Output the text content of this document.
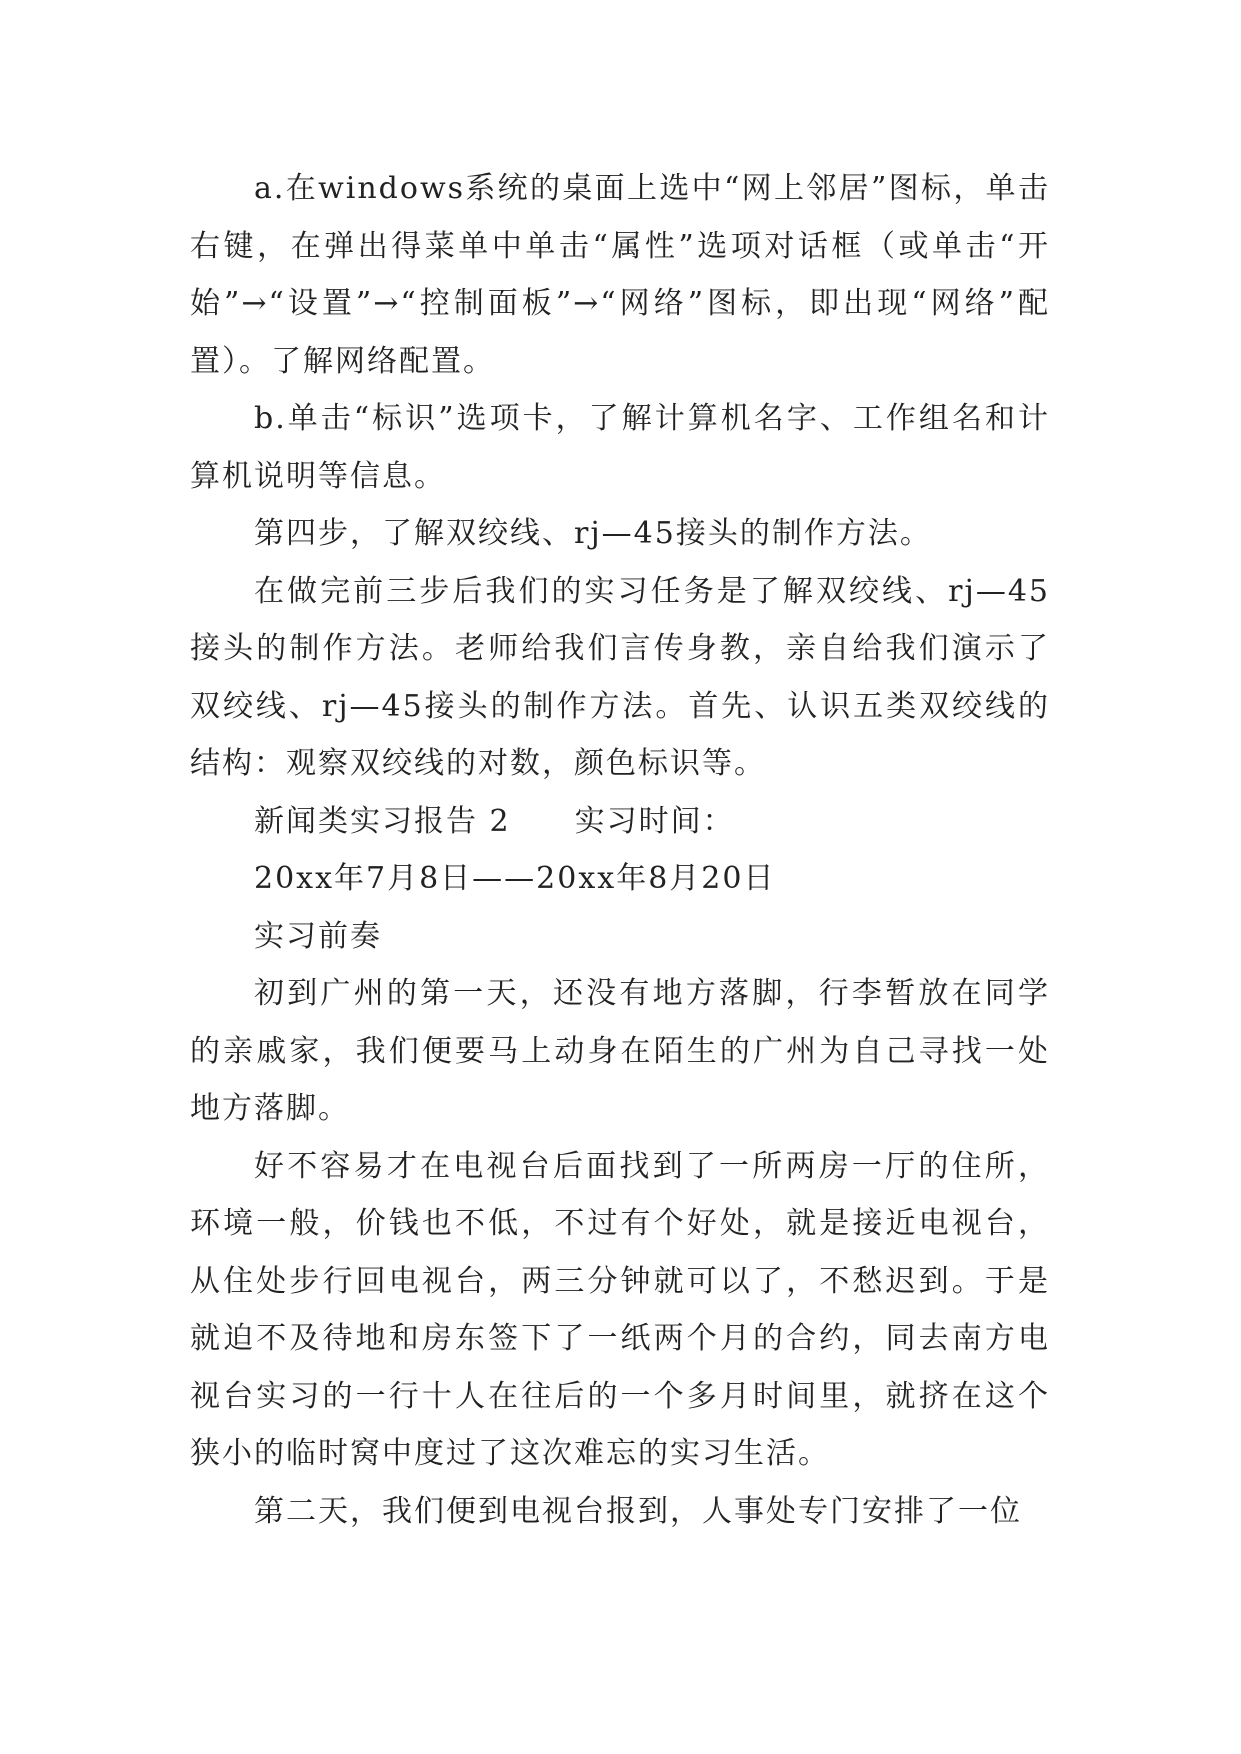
a.在windows系统的桌面上选中“网上邻居”图标，单击右键，在弹出得菜单中单击“属性”选项对话框（或单击“开始”→“设置”→“控制面板”→“网络”图标，即出现“网络”配置）。了解网络配置。

b.单击“标识”选项卡，了解计算机名字、工作组名和计算机说明等信息。

第四步，了解双绞线、rj—45接头的制作方法。

在做完前三步后我们的实习任务是了解双绞线、rj—45接头的制作方法。老师给我们言传身教，亲自给我们演示了双绞线、rj—45接头的制作方法。首先、认识五类双绞线的结构：观察双绞线的对数，颜色标识等。

新闻类实习报告 2　　实习时间：

20xx年7月8日——20xx年8月20日

实习前奏

初到广州的第一天，还没有地方落脚，行李暂放在同学的亲戚家，我们便要马上动身在陌生的广州为自己寻找一处地方落脚。

好不容易才在电视台后面找到了一所两房一厅的住所，环境一般，价钱也不低，不过有个好处，就是接近电视台，从住处步行回电视台，两三分钟就可以了，不愁迟到。于是就迫不及待地和房东签下了一纸两个月的合约，同去南方电视台实习的一行十人在往后的一个多月时间里，就挤在这个狭小的临时窝中度过了这次难忘的实习生活。

第二天，我们便到电视台报到，人事处专门安排了一位
